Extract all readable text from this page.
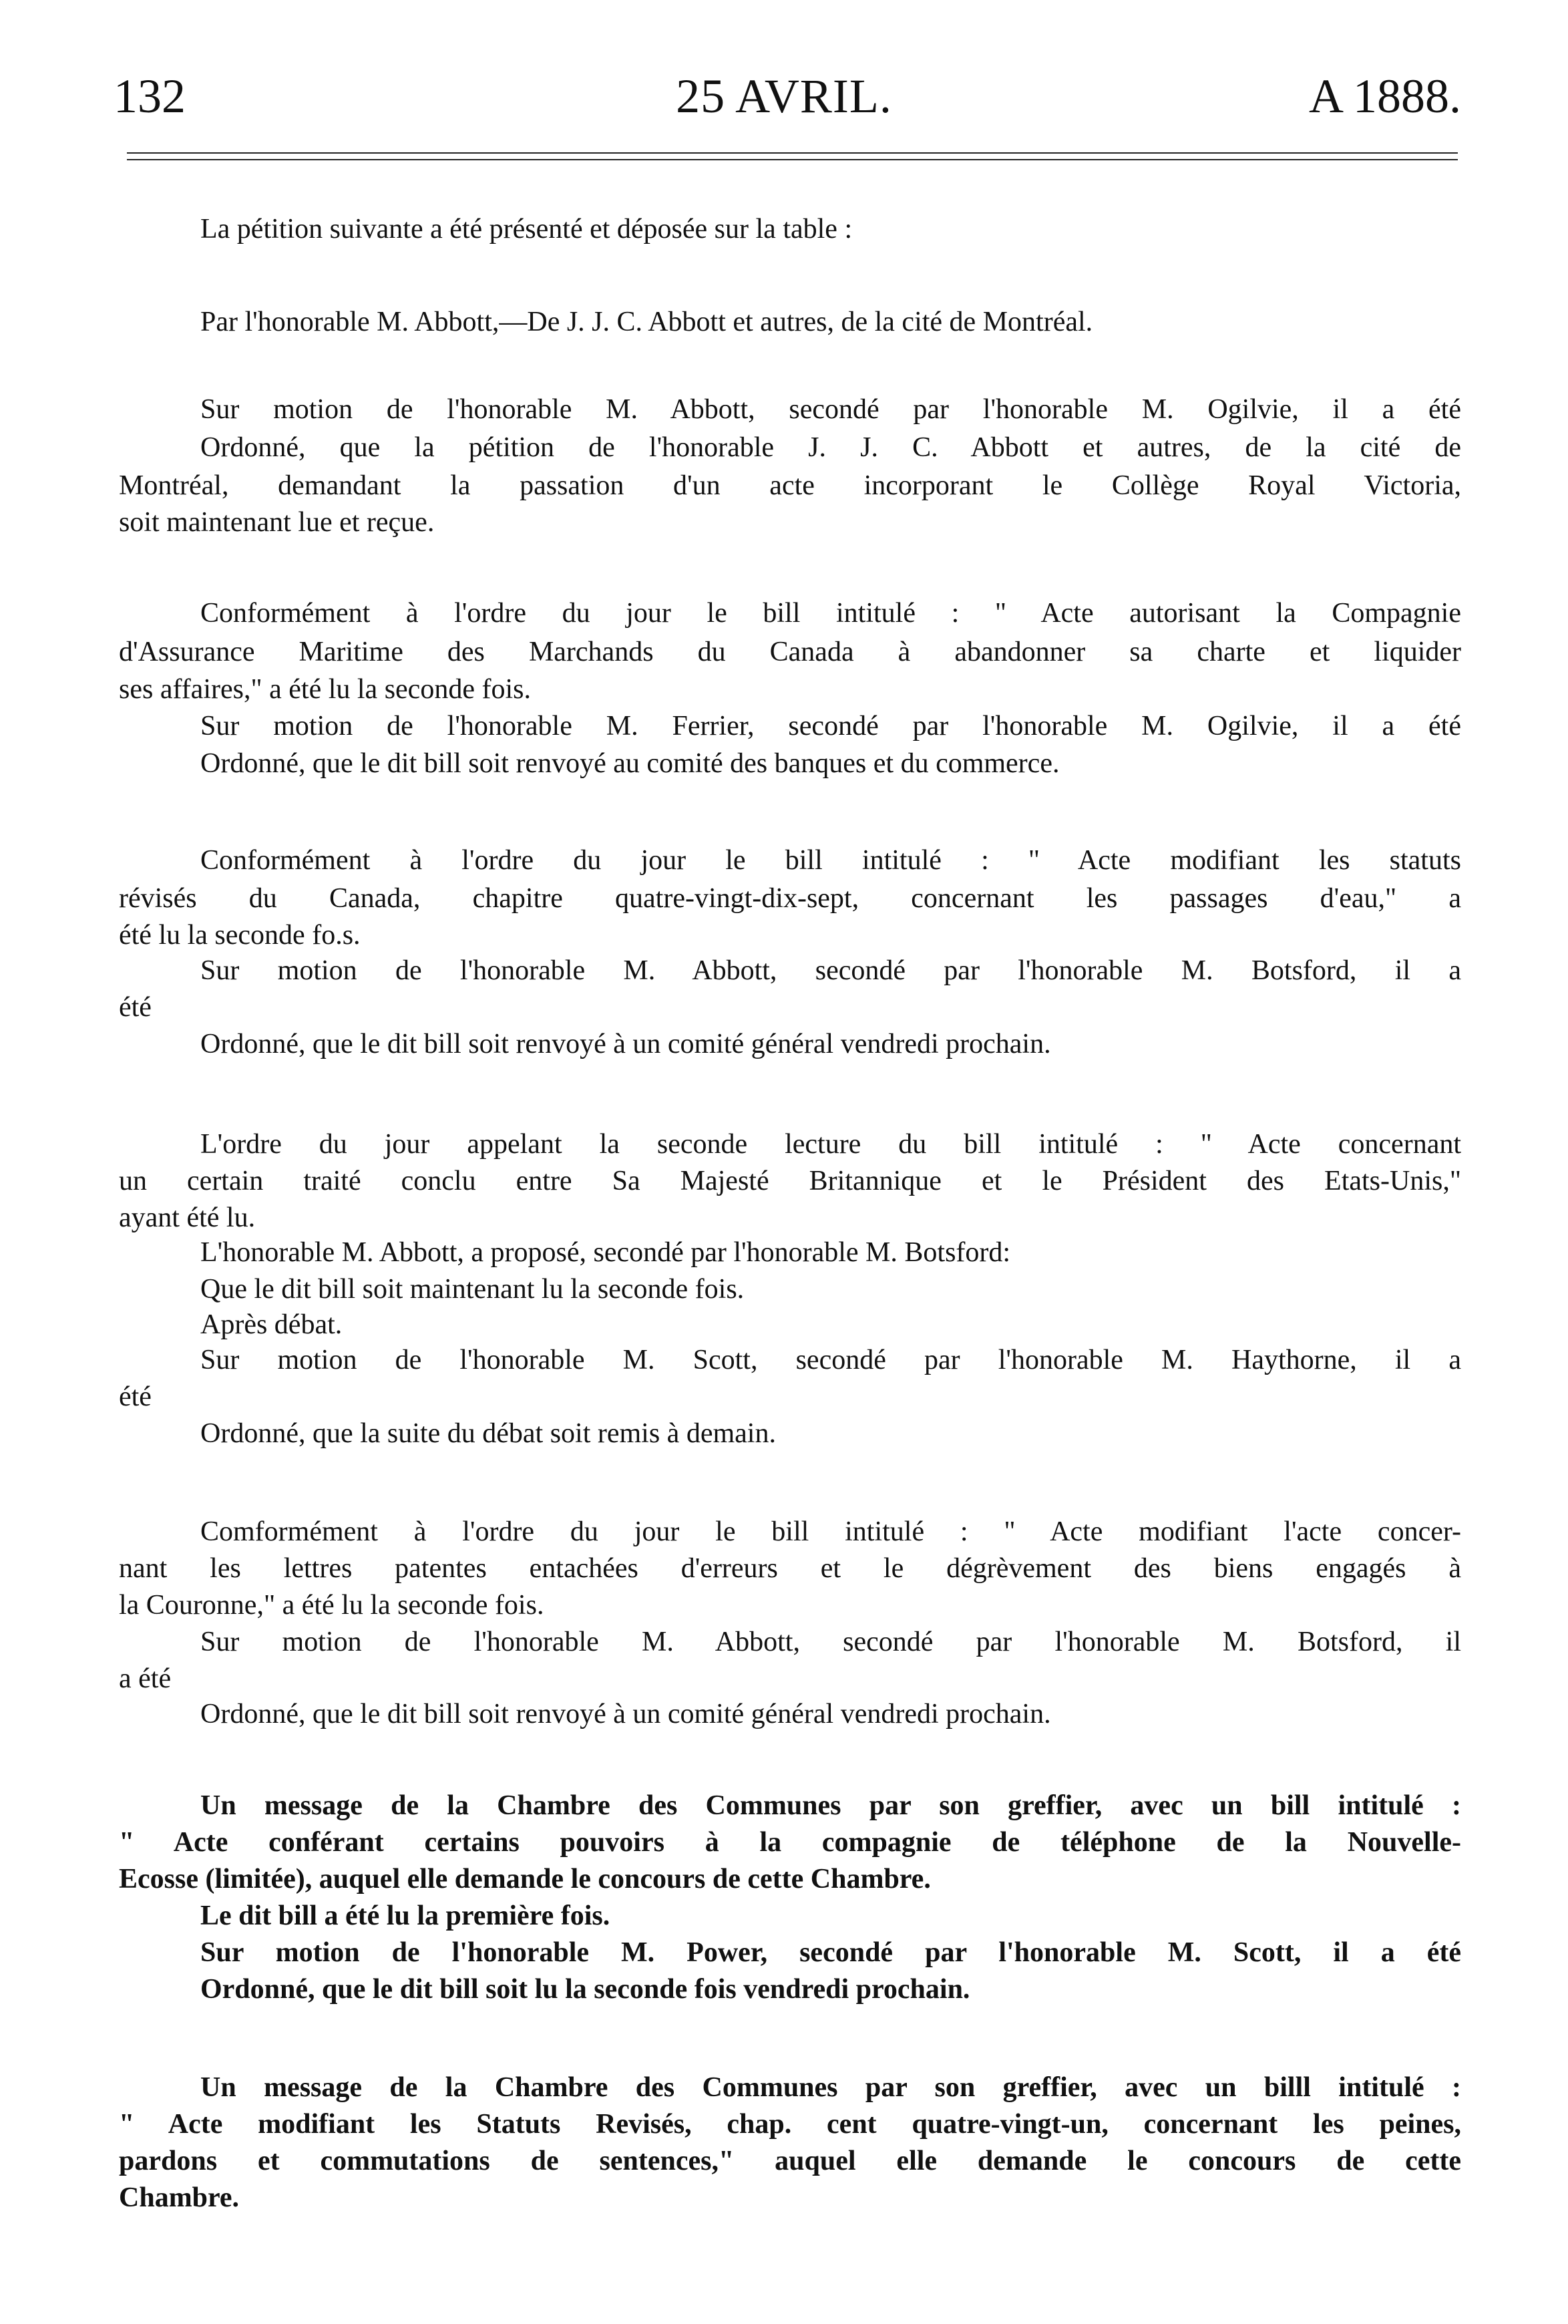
132	25 AVRIL.	A 1888.
La pétition suivante a été présenté et déposée sur la table :
Par l'honorable M. Abbott,—De J. J. C. Abbott et autres, de la cité de Montréal.
Sur motion de l'honorable M. Abbott, secondé par l'honorable M. Ogilvie, il a été
Ordonné, que la pétition de l'honorable J. J. C. Abbott et autres, de la cité de
Montréal, demandant la passation d'un acte incorporant le Collège Royal Victoria,
soit maintenant lue et reçue.
Conformément à l'ordre du jour le bill intitulé : " Acte autorisant la Compagnie
d'Assurance Maritime des Marchands du Canada à abandonner sa charte et liquider
ses affaires," a été lu la seconde fois.
Sur motion de l'honorable M. Ferrier, secondé par l'honorable M. Ogilvie, il a été
Ordonné, que le dit bill soit renvoyé au comité des banques et du commerce.
Conformément à l'ordre du jour le bill intitulé : " Acte modifiant les statuts
révisés du Canada, chapitre quatre-vingt-dix-sept, concernant les passages d'eau," a
été lu la seconde fo.s.
Sur motion de l'honorable M. Abbott, secondé par l'honorable M. Botsford, il a
été
Ordonné, que le dit bill soit renvoyé à un comité général vendredi prochain.
L'ordre du jour appelant la seconde lecture du bill intitulé : " Acte concernant
un certain traité conclu entre Sa Majesté Britannique et le Président des Etats-Unis,"
ayant été lu.
L'honorable M. Abbott, a proposé, secondé par l'honorable M. Botsford:
Que le dit bill soit maintenant lu la seconde fois.
Après débat.
Sur motion de l'honorable M. Scott, secondé par l'honorable M. Haythorne, il a
été
Ordonné, que la suite du débat soit remis à demain.
Comformément à l'ordre du jour le bill intitulé : " Acte modifiant l'acte concer-
nant les lettres patentes entachées d'erreurs et le dégrèvement des biens engagés à
la Couronne," a été lu la seconde fois.
Sur motion de l'honorable M. Abbott, secondé par l'honorable M. Botsford, il
a été
Ordonné, que le dit bill soit renvoyé à un comité général vendredi prochain.
Un message de la Chambre des Communes par son greffier, avec un bill intitulé :
" Acte conférant certains pouvoirs à la compagnie de téléphone de la Nouvelle-
Ecosse (limitée), auquel elle demande le concours de cette Chambre.
Le dit bill a été lu la première fois.
Sur motion de l'honorable M. Power, secondé par l'honorable M. Scott, il a été
Ordonné, que le dit bill soit lu la seconde fois vendredi prochain.
Un message de la Chambre des Communes par son greffier, avec un billl intitulé :
" Acte modifiant les Statuts Revisés, chap. cent quatre-vingt-un, concernant les peines,
pardons et commutations de sentences," auquel elle demande le concours de cette
Chambre.
